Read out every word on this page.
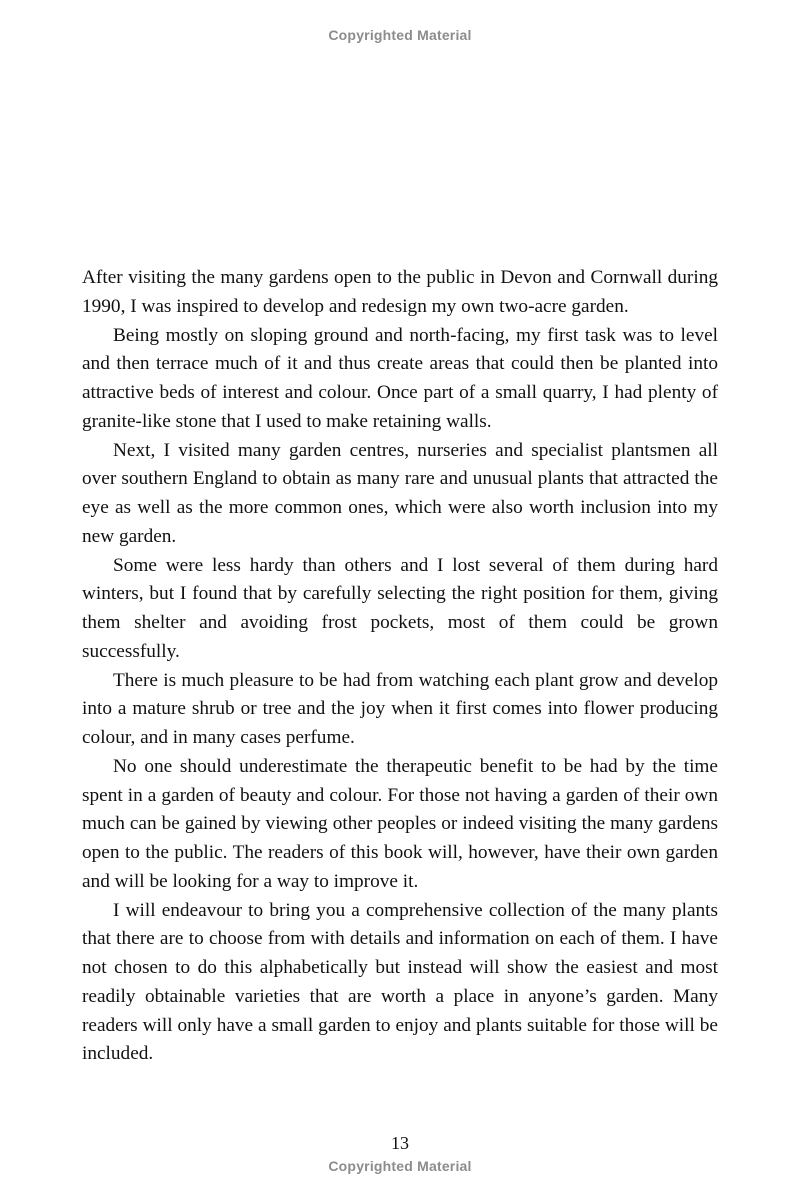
Copyrighted Material

After visiting the many gardens open to the public in Devon and Cornwall during 1990, I was inspired to develop and redesign my own two-acre garden.

Being mostly on sloping ground and north-facing, my first task was to level and then terrace much of it and thus create areas that could then be planted into attractive beds of interest and colour. Once part of a small quarry, I had plenty of granite-like stone that I used to make retaining walls.

Next, I visited many garden centres, nurseries and specialist plantsmen all over southern England to obtain as many rare and unusual plants that attracted the eye as well as the more common ones, which were also worth inclusion into my new garden.

Some were less hardy than others and I lost several of them during hard winters, but I found that by carefully selecting the right position for them, giving them shelter and avoiding frost pockets, most of them could be grown successfully.

There is much pleasure to be had from watching each plant grow and develop into a mature shrub or tree and the joy when it first comes into flower producing colour, and in many cases perfume.

No one should underestimate the therapeutic benefit to be had by the time spent in a garden of beauty and colour. For those not having a garden of their own much can be gained by viewing other peoples or indeed visiting the many gardens open to the public. The readers of this book will, however, have their own garden and will be looking for a way to improve it.

I will endeavour to bring you a comprehensive collection of the many plants that there are to choose from with details and information on each of them. I have not chosen to do this alphabetically but instead will show the easiest and most readily obtainable varieties that are worth a place in anyone’s garden. Many readers will only have a small garden to enjoy and plants suitable for those will be included.

13
Copyrighted Material
